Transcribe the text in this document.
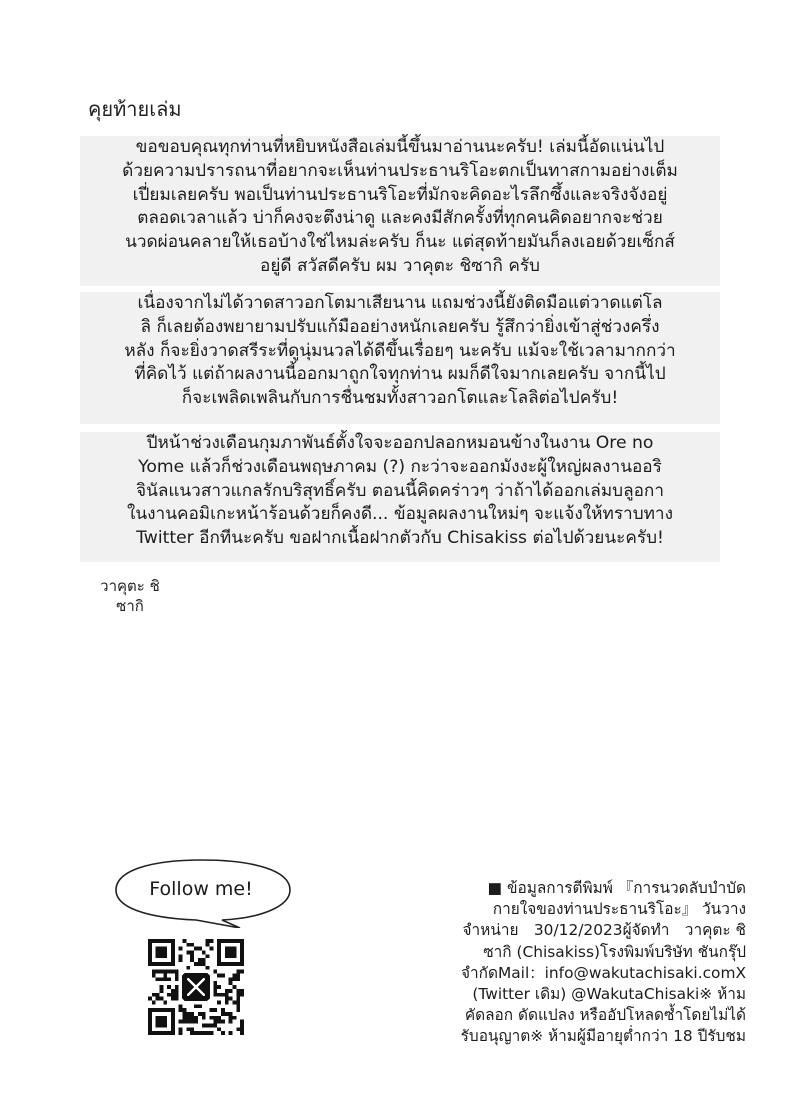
คุยท้ายเล่ม
ขอขอบคุณทุกท่านที่หยิบหนังสือเล่มนี้ขึ้นมาอ่านนะครับ! เล่มนี้อัดแน่นไป
ด้วยความปรารถนาที่อยากจะเห็นท่านประธานริโอะตกเป็นทาสกามอย่างเต็ม
เปี่ยมเลยครับ พอเป็นท่านประธานริโอะที่มักจะคิดอะไรลึกซึ้งและจริงจังอยู่
ตลอดเวลาแล้ว บ่าก็คงจะตึงน่าดู และคงมีสักครั้งที่ทุกคนคิดอยากจะช่วย
นวดผ่อนคลายให้เธอบ้างใช่ไหมล่ะครับ ก็นะ แต่สุดท้ายมันก็ลงเอยด้วยเซ็กส์
อยู่ดี สวัสดีครับ ผม วาคุตะ ชิซากิ ครับ
เนื่องจากไม่ได้วาดสาวอกโตมาเสียนาน แถมช่วงนี้ยังติดมือแต่วาดแต่โล
ลิ ก็เลยต้องพยายามปรับแก้มืออย่างหนักเลยครับ รู้สึกว่ายิ่งเข้าสู่ช่วงครึ่ง
หลัง ก็จะยิ่งวาดสรีระที่ดูนุ่มนวลได้ดีขึ้นเรื่อยๆ นะครับ แม้จะใช้เวลามากกว่า
ที่คิดไว้ แต่ถ้าผลงานนี้ออกมาถูกใจทุกท่าน ผมก็ดีใจมากเลยครับ จากนี้ไป
ก็จะเพลิดเพลินกับการชื่นชมทั้งสาวอกโตและโลลิต่อไปครับ!
ปีหน้าช่วงเดือนกุมภาพันธ์ตั้งใจจะออกปลอกหมอนข้างในงาน Ore no
Yome แล้วก็ช่วงเดือนพฤษภาคม (?) กะว่าจะออกมังงะผู้ใหญ่ผลงานออริ
จินัลแนวสาวแกลรักบริสุทธิ์ครับ ตอนนี้คิดคร่าวๆ ว่าถ้าได้ออกเล่มบลูอกา
ในงานคอมิเกะหน้าร้อนด้วยก็คงดี... ข้อมูลผลงานใหม่ๆ จะแจ้งให้ทราบทาง
Twitter อีกทีนะครับ ขอฝากเนื้อฝากตัวกับ Chisakiss ต่อไปด้วยนะครับ!
วาคุตะ ชิ
ซากิ
Follow me!	■ ข้อมูลการตีพิมพ์ 『การนวดลับบำบัด
กายใจของท่านประธานริโอะ』 วันวาง
จำหน่าย　30/12/2023ผู้จัดทำ　วาคุตะ ชิ
ซากิ (Chisakiss)โรงพิมพ์บริษัท ชันกรุ๊ป
จำกัดMail：info@wakutachisaki.comX
(Twitter เดิม) @WakutaChisaki※ ห้าม
คัดลอก ดัดแปลง หรืออัปโหลดซ้ำโดยไม่ได้
รับอนุญาต※ ห้ามผู้มีอายุต่ำกว่า 18 ปีรับชม
